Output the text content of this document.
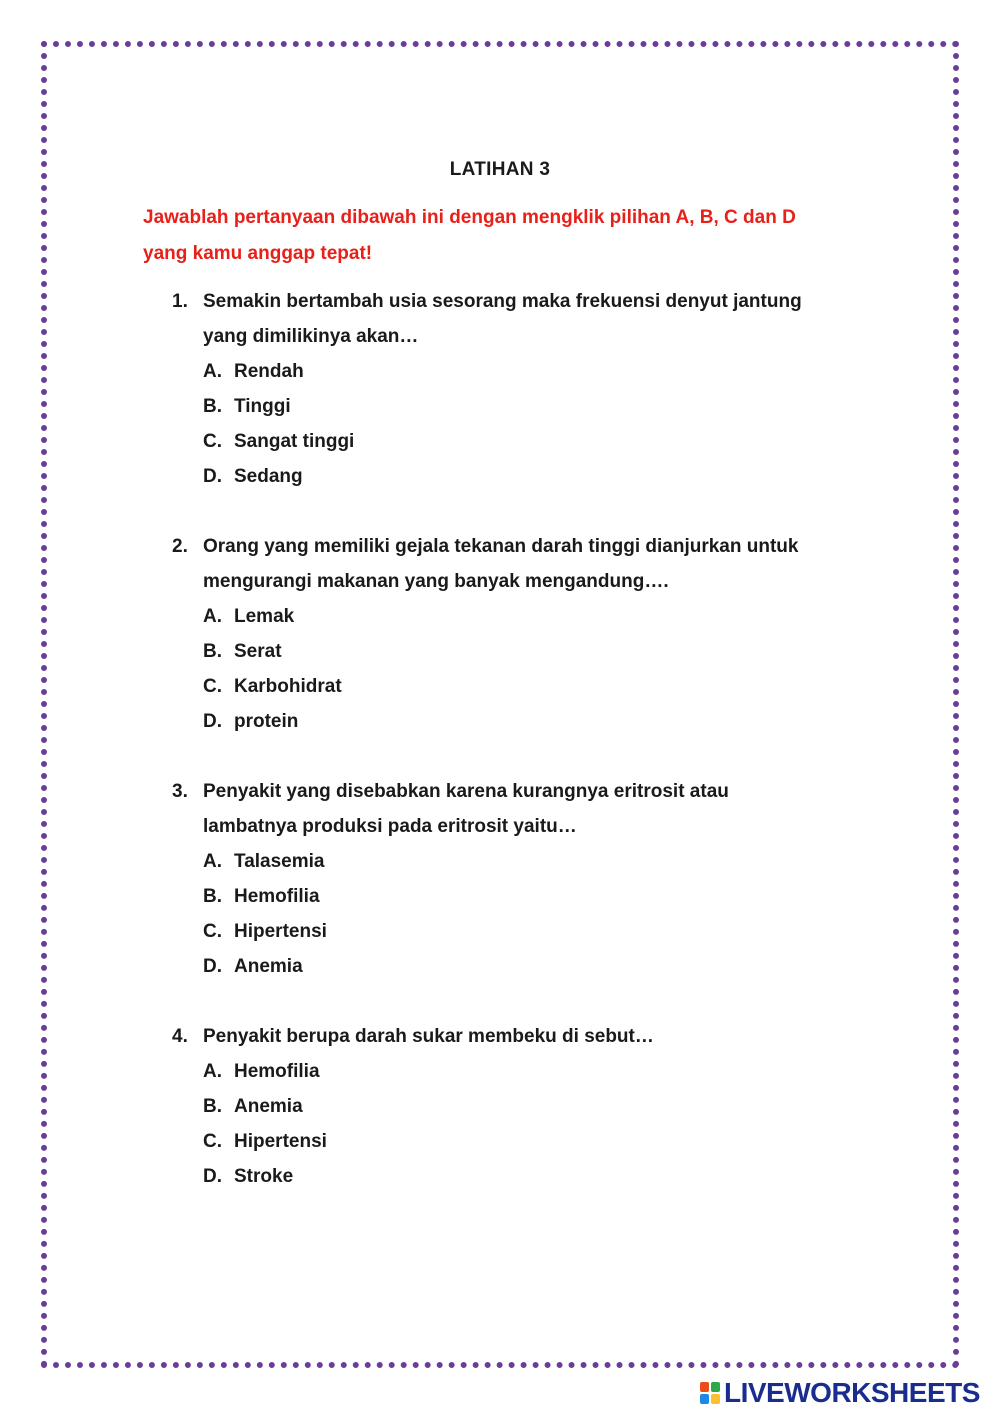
LATIHAN 3
Jawablah pertanyaan dibawah ini dengan mengklik pilihan A, B, C dan D
yang kamu anggap tepat!
1. Semakin bertambah usia sesorang maka frekuensi denyut jantung
yang dimilikinya akan…
A. Rendah
B. Tinggi
C. Sangat tinggi
D. Sedang
2. Orang yang memiliki gejala tekanan darah tinggi dianjurkan untuk
mengurangi makanan yang banyak mengandung….
A. Lemak
B. Serat
C. Karbohidrat
D. protein
3. Penyakit yang disebabkan karena kurangnya eritrosit atau
lambatnya produksi pada eritrosit yaitu…
A. Talasemia
B. Hemofilia
C. Hipertensi
D. Anemia
4. Penyakit berupa darah sukar membeku di sebut…
A. Hemofilia
B. Anemia
C. Hipertensi
D. Stroke
LIVEWORKSHEETS
